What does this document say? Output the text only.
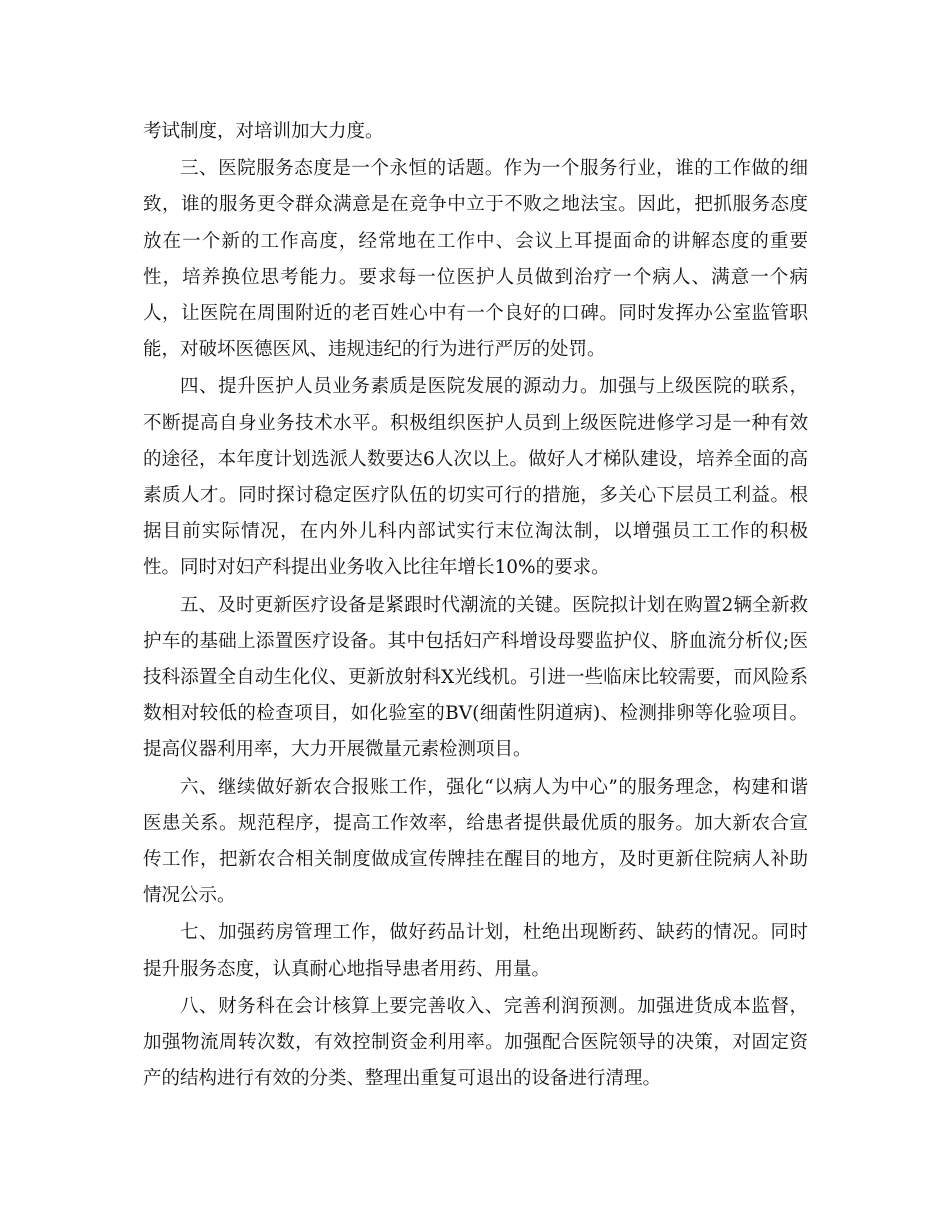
考试制度，对培训加大力度。

三、医院服务态度是一个永恒的话题。作为一个服务行业，谁的工作做的细致，谁的服务更令群众满意是在竞争中立于不败之地法宝。因此，把抓服务态度放在一个新的工作高度，经常地在工作中、会议上耳提面命的讲解态度的重要性，培养换位思考能力。要求每一位医护人员做到治疗一个病人、满意一个病人，让医院在周围附近的老百姓心中有一个良好的口碑。同时发挥办公室监管职能，对破坏医德医风、违规违纪的行为进行严厉的处罚。

四、提升医护人员业务素质是医院发展的源动力。加强与上级医院的联系，不断提高自身业务技术水平。积极组织医护人员到上级医院进修学习是一种有效的途径，本年度计划选派人数要达6人次以上。做好人才梯队建设，培养全面的高素质人才。同时探讨稳定医疗队伍的切实可行的措施，多关心下层员工利益。根据目前实际情况，在内外儿科内部试实行末位淘汰制，以增强员工工作的积极性。同时对妇产科提出业务收入比往年增长10%的要求。

五、及时更新医疗设备是紧跟时代潮流的关键。医院拟计划在购置2辆全新救护车的基础上添置医疗设备。其中包括妇产科增设母婴监护仪、脐血流分析仪;医技科添置全自动生化仪、更新放射科X光线机。引进一些临床比较需要，而风险系数相对较低的检查项目，如化验室的BV(细菌性阴道病)、检测排卵等化验项目。提高仪器利用率，大力开展微量元素检测项目。

六、继续做好新农合报账工作，强化“以病人为中心”的服务理念，构建和谐医患关系。规范程序，提高工作效率，给患者提供最优质的服务。加大新农合宣传工作，把新农合相关制度做成宣传牌挂在醒目的地方，及时更新住院病人补助情况公示。

七、加强药房管理工作，做好药品计划，杜绝出现断药、缺药的情况。同时提升服务态度，认真耐心地指导患者用药、用量。

八、财务科在会计核算上要完善收入、完善利润预测。加强进货成本监督，加强物流周转次数，有效控制资金利用率。加强配合医院领导的决策，对固定资产的结构进行有效的分类、整理出重复可退出的设备进行清理。
